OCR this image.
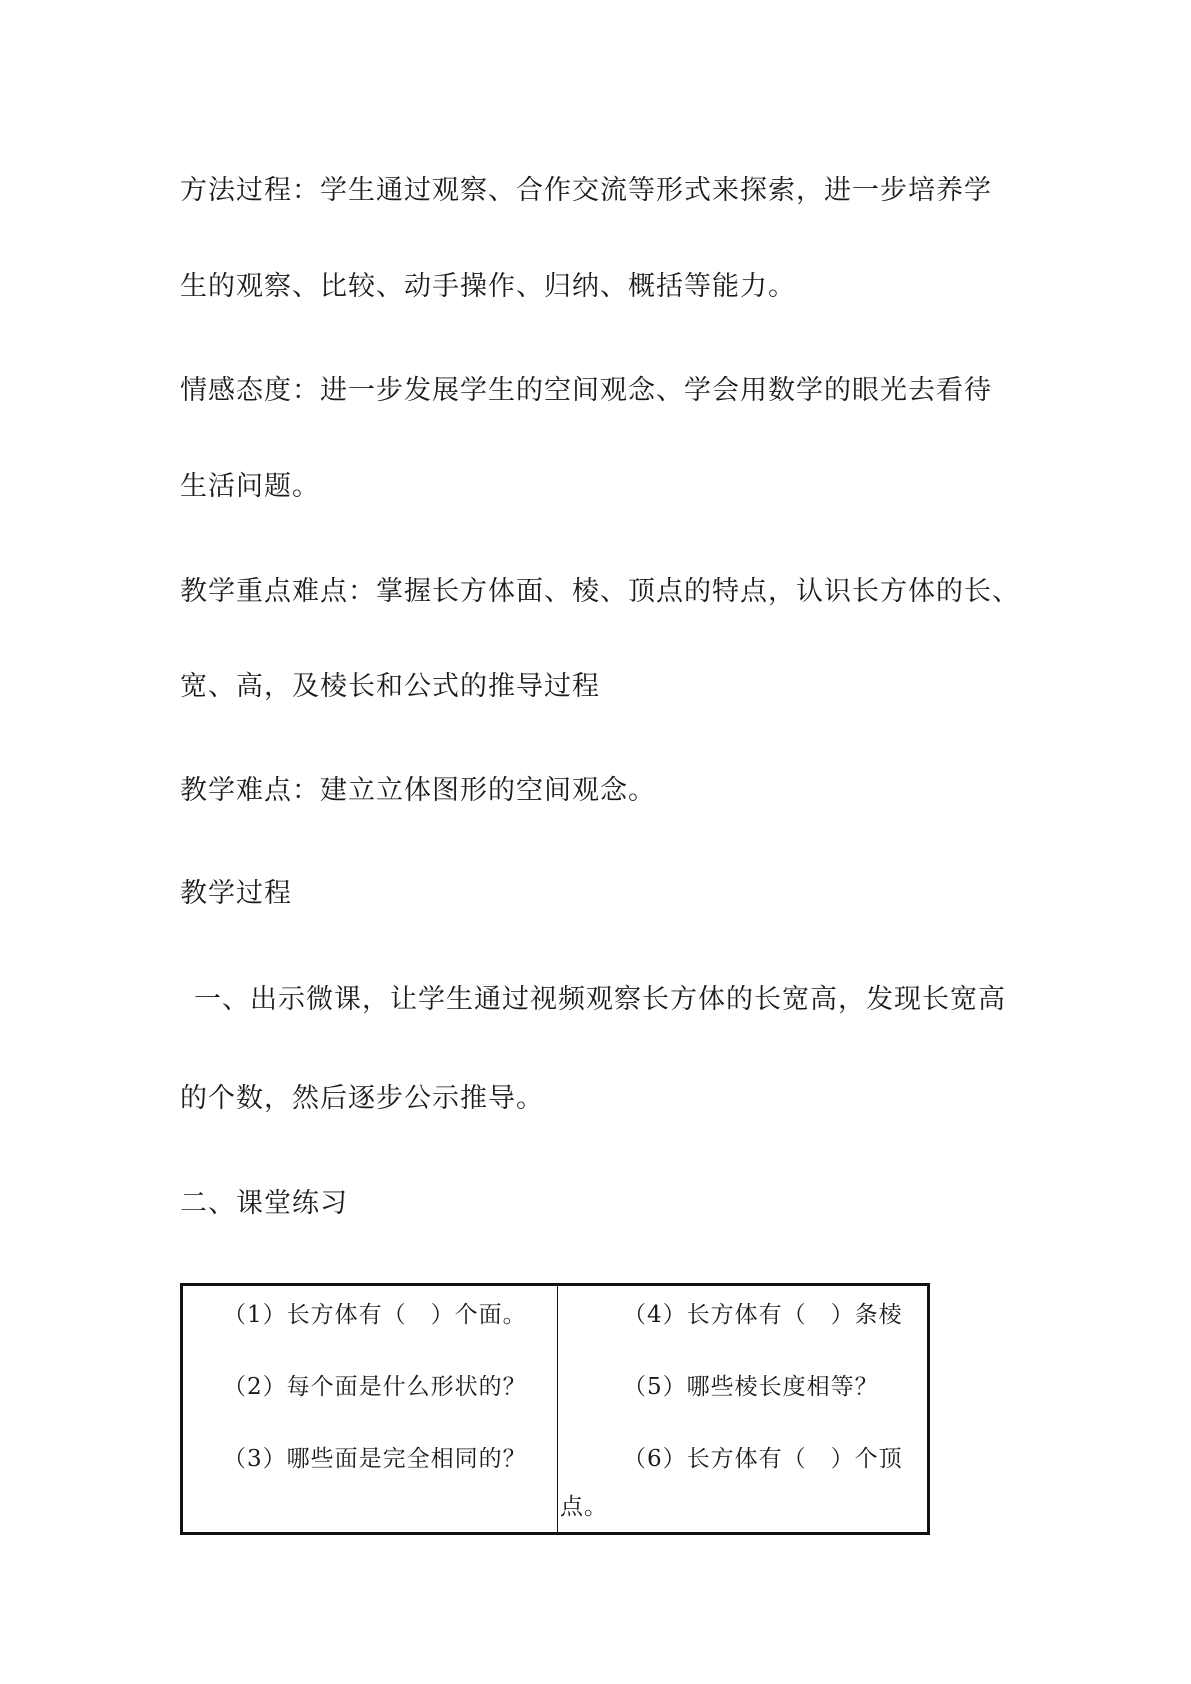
方法过程：学生通过观察、合作交流等形式来探索，进一步培养学
生的观察、比较、动手操作、归纳、概括等能力。
情感态度：进一步发展学生的空间观念、学会用数学的眼光去看待
生活问题。
教学重点难点：掌握长方体面、棱、顶点的特点，认识长方体的长、
宽、高，及棱长和公式的推导过程
教学难点：建立立体图形的空间观念。
教学过程
一、出示微课，让学生通过视频观察长方体的长宽高，发现长宽高
的个数，然后逐步公示推导。
二、课堂练习
（1）长方体有（　）个面。
（2）每个面是什么形状的？
（3）哪些面是完全相同的？
（4）长方体有（　）条棱
（5）哪些棱长度相等？
（6）长方体有（　）个顶
点。
